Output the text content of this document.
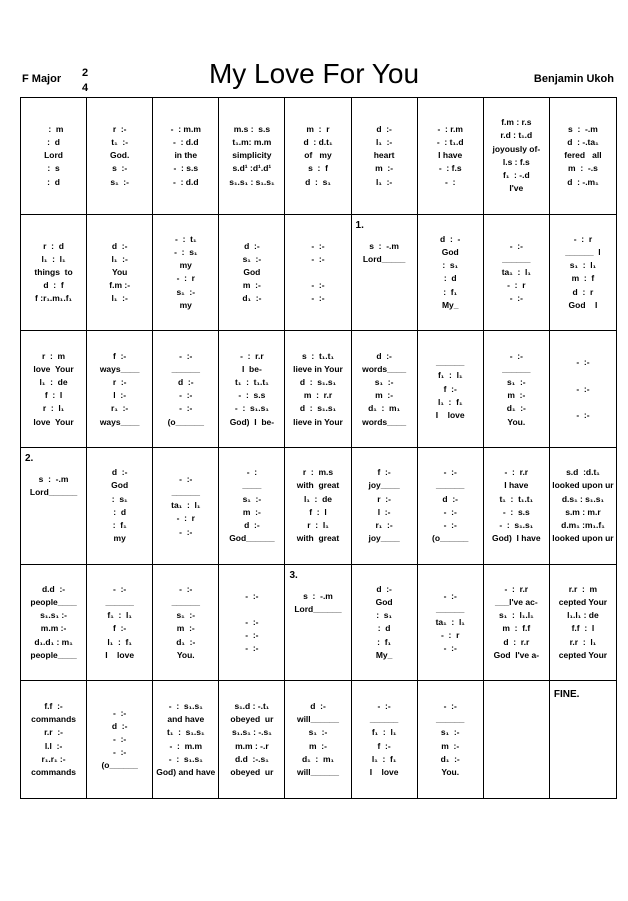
F Major 2
4	My Love For You	Benjamin Ukoh
:  m
:  d
Lord
:  s
:  d
r  :-
t₁  :-
God.
s  :-
s₁  :-
-  : m.m
-  : d.d
in the
-  : s.s
-  : d.d
m.s :  s.s
t₁.m: m.m
simplicity
s.d¹ :d¹.d¹
s₁.s₁ : s₁.s₁
m  :  r
d  : d.t₁
of   my
s  :  f
d  :  s₁
d  :-
l₁  :-
heart
m  :-
l₁  :-
-  : r.m
-  : t₁.d
I have
-  : f.s
-  :
f.m : r.s
r.d : t₁.d
joyously of-
l.s : f.s
f₁  : -.d
I've
s  :  -.m
d  : -.ta₁
fered   all
m  :  -.s
d  : -.m₁
r  :  d
l₁  :  l₁
things  to
d  :  f
f :r₁.m₁.f₁
d  :-
l₁  :-
You
f.m :-
l₁  :-
-  :  t₁
-  :  s₁
my
-  :  r
s₁  :-
my
d  :-
s₁  :-
God
m  :-
d₁  :-
-  :-
-  :-

-  :-
-  :-
1.
s  :  -.m
Lord_____

d  :  -
God
:  s₁
:  d
:  f₁
My_
-  :-
______
ta₁  :  l₁
-  :  r
-  :-
-  :  r
______  l
s₁  :  l₁
m  :  f
d  :  r
God    I
r  :  m
love  Your
l₁  :  de
f  :  l
r  :  l₁
love  Your
f  :-
ways____
r  :-
l  :-
r₁  :-
ways____
-  :-
______
d  :-
-  :-
-  :-
(o______
-  :  r.r
I  be-
t₁  :  t₁.t₁
-  :  s.s
-  :  s₁.s₁
God)  I  be-
s  :  t₁.t₁
lieve in Your
d  :  s₁.s₁
m  :  r.r
d  :  s₁.s₁
lieve in Your
d  :-
words____
s₁  :-
m  :-
d₁  :  m₁
words____
______
f₁  :  l₁
f  :-
l₁  :  f₁
I    love
-  :-
______
s₁  :-
m  :-
d₁  :-
You.
-  :-

-  :-

-  :-
2.
s  :  -.m
Lord______

d  :-
God
:  s₁
:  d
:  f₁
my
-  :-
______
ta₁  :  l₁
-  :  r
-  :-
-  :
____
s₁  :-
m  :-
d  :-
God______
r  :  m.s
with  great
l₁  :  de
f  :  l
r  :  l₁
with  great
f  :-
joy____
r  :-
l  :-
r₁  :-
joy____
-  :-
______
d  :-
-  :-
-  :-
(o______
-  :  r.r
I have
t₁  :  t₁.t₁
-  :  s.s
-  :  s₁.s₁
God)  I have
s.d  :d.t₁
looked upon ur
d.s₁ : s₁.s₁
s.m : m.r
d.m₁ :m₁.f₁
looked upon ur
d.d  :-
people____
s₁.s₁ :-
m.m :-
d₁.d₁ : m₁
people____
-  :-
______
f₁  :  l₁
f  :-
l₁  :  f₁
I    love
-  :-
______
s₁  :-
m  :-
d₁  :-
You.
-  :-

-  :-
-  :-
-  :-
3.
s  :  -.m
Lord______

d  :-
God
:  s₁
:  d
:  f₁
My_
-  :-
______
ta₁  :  l₁
-  :  r
-  :-
-  :  r.r
___I've ac-
s₁  :  l₁.l₁
m  :  f.f
d  :  r.r
God  I've a-
r.r  :  m
cepted Your
l₁.l₁ : de
f.f  :  l
r.r  :  l₁
cepted Your
f.f  :-
commands
r.r  :-
l.l  :-
r₁.r₁ :-
commands
-  :-
d  :-
-  :-
-  :-
(o______
-  :  s₁.s₁
and have
t₁  :  s₁.s₁
-  :  m.m
-  :  s₁.s₁
God) and have
s₁.d : -.t₁
obeyed  ur
s₁.s₁ : -.s₁
m.m : -.r
d.d  :-.s₁
obeyed  ur
d  :-
will______
s₁  :-
m  :-
d₁  :  m₁
will______
-  :-
______
f₁  :  l₁
f  :-
l₁  :  f₁
I    love
-  :-
______
s₁  :-
m  :-
d₁  :-
You.
FINE.
